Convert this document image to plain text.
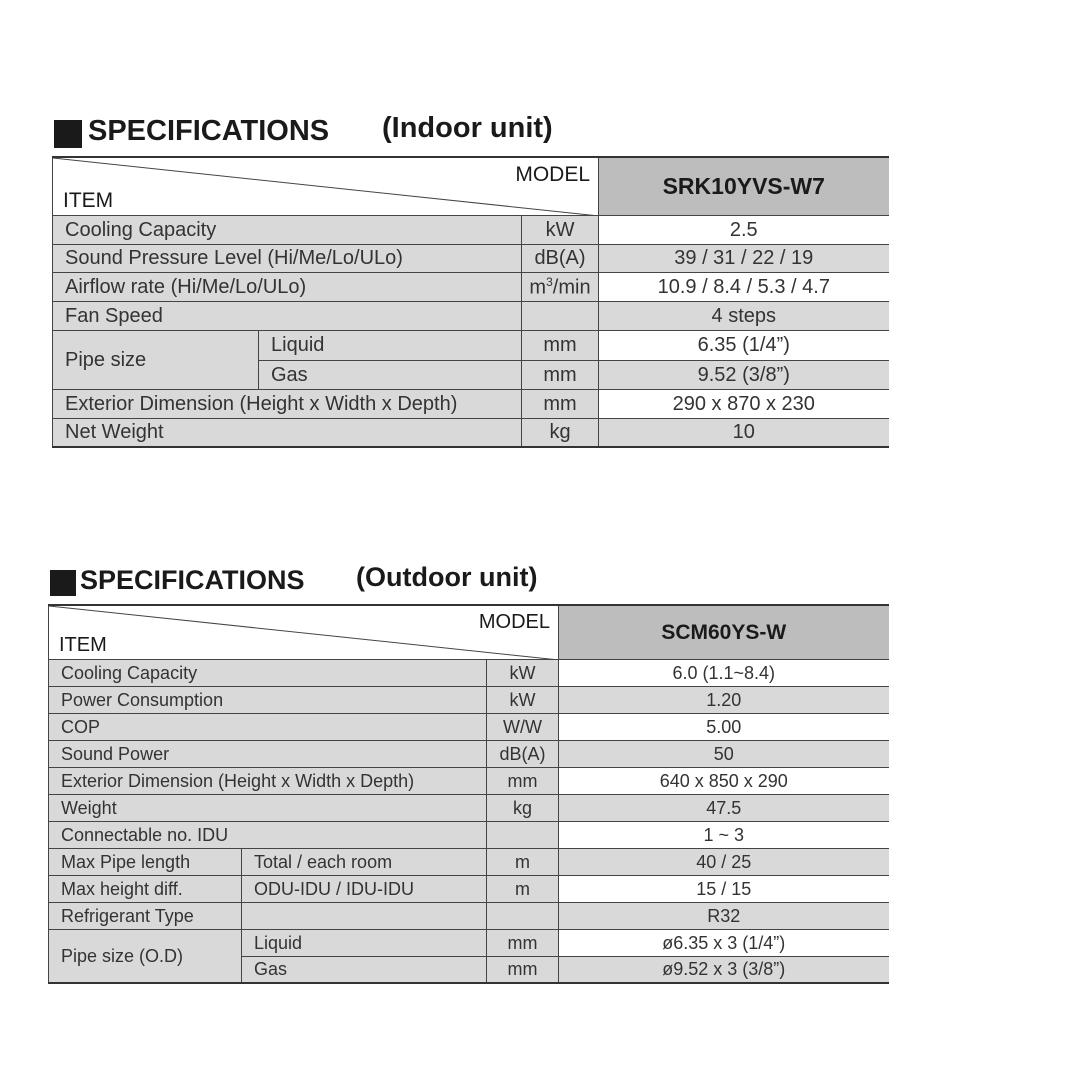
SPECIFICATIONS (Indoor unit)
ITEM
MODEL			SRK10YVS-W7
Cooling Capacity		kW	2.5
Sound Pressure Level (Hi/Me/Lo/ULo)		dB(A)	39 / 31 / 22 / 19
Airflow rate (Hi/Me/Lo/ULo)		$m^3/\min$	10.9 / 8.4 / 5.3 / 4.7
Fan Speed			4 steps
Pipe size	Liquid	mm	6.35 (1/4”)
	Gas	mm	9.52 (3/8”)
Exterior Dimension (Height x Width x Depth)		mm	290 x 870 x 230
Net Weight		kg	10
SPECIFICATIONS (Outdoor unit)
ITEM
MODEL			SCM60YS-W
Cooling Capacity		kW	6.0 (1.1~8.4)
Power Consumption		kW	1.20
COP		W/W	5.00
Sound Power		dB(A)	50
Exterior Dimension (Height x Width x Depth)		mm	640 x 850 x 290
Weight		kg	47.5
Connectable no. IDU			1 ~ 3
Max Pipe length	Total / each room	m	40 / 25
Max height diff.	ODU-IDU / IDU-IDU	m	15 / 15
Refrigerant Type			R32
Pipe size (O.D)	Liquid	mm	ø6.35 x 3 (1/4”)
	Gas	mm	ø9.52 x 3 (3/8”)
